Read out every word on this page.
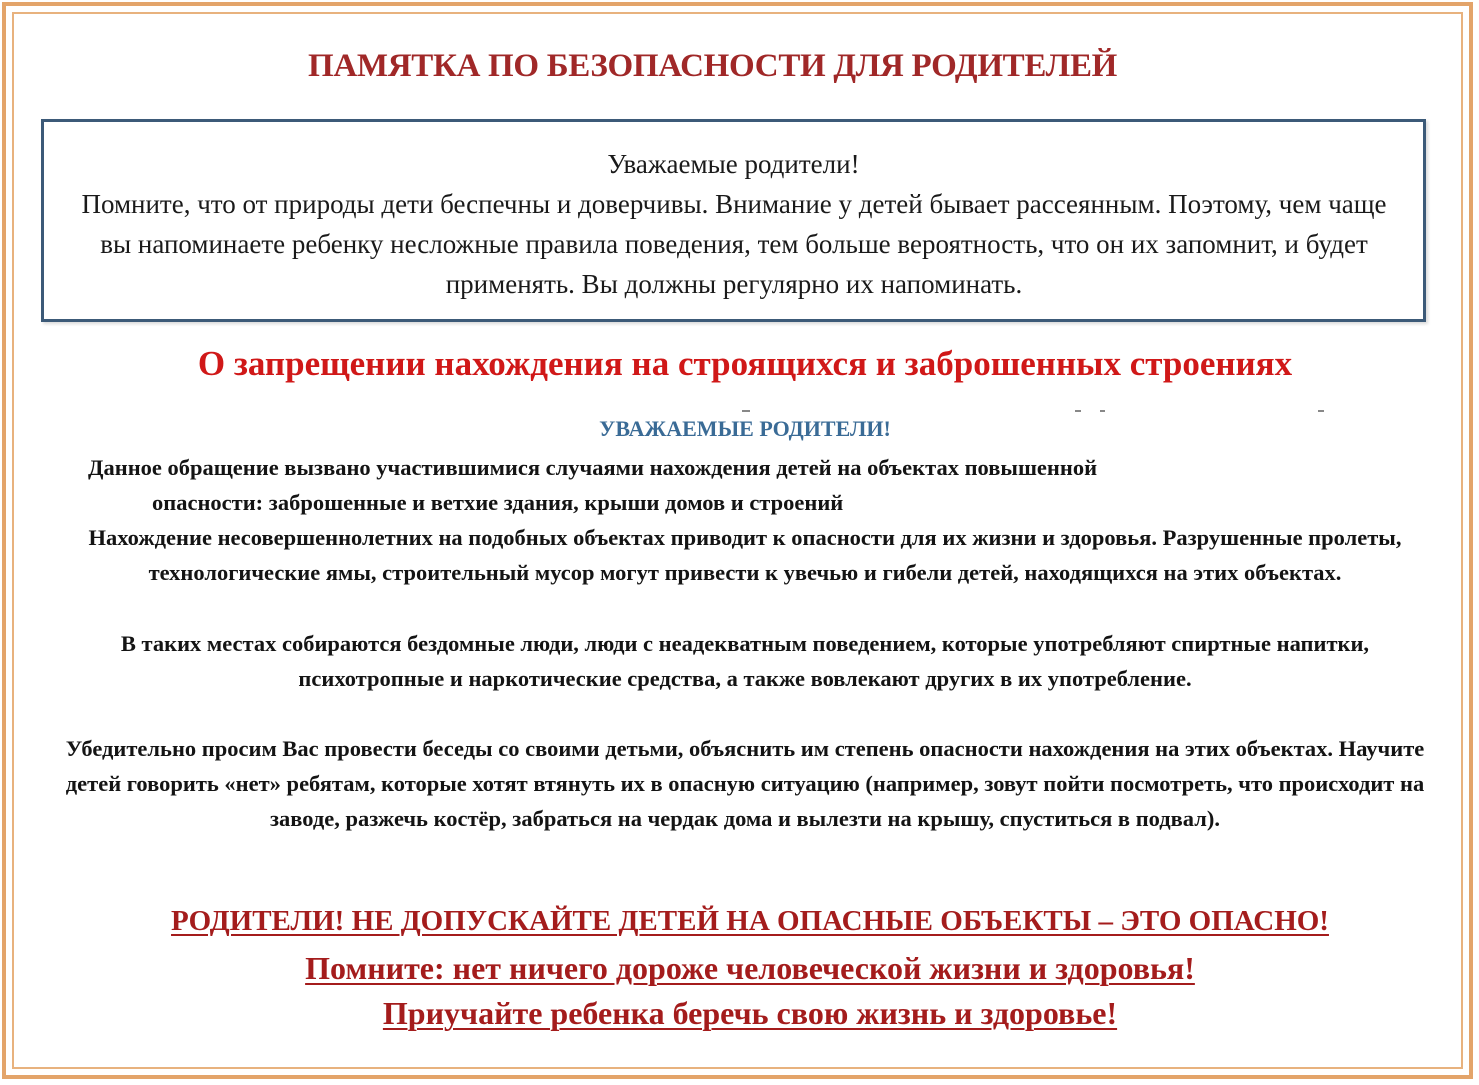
ПАМЯТКА ПО БЕЗОПАСНОСТИ ДЛЯ РОДИТЕЛЕЙ

Уважаемые родители!

Помните, что от природы дети беспечны и доверчивы. Внимание у детей бывает рассеянным. Поэтому, чем чаще вы напоминаете ребенку несложные правила поведения, тем больше вероятность, что он их запомнит, и будет применять. Вы должны регулярно их напоминать.

О запрещении нахождения на строящихся и заброшенных строениях

УВАЖАЕМЫЕ РОДИТЕЛИ!

Данное обращение вызвано участившимися случаями нахождения детей на объектах повышенной
опасности: заброшенные и ветхие здания, крыши домов и строений

Нахождение несовершеннолетних на подобных объектах приводит к опасности для их жизни и здоровья. Разрушенные пролеты, технологические ямы, строительный мусор могут привести к увечью и гибели детей, находящихся на этих объектах.

В таких местах собираются бездомные люди, люди с неадекватным поведением, которые употребляют спиртные напитки, психотропные и наркотические средства, а также вовлекают других в их употребление.

Убедительно просим Вас провести беседы со своими детьми, объяснить им степень опасности нахождения на этих объектах. Научите детей говорить «нет» ребятам, которые хотят втянуть их в опасную ситуацию (например, зовут пойти посмотреть, что происходит на заводе, разжечь костёр, забраться на чердак дома и вылезти на крышу, спуститься в подвал).

РОДИТЕЛИ! НЕ ДОПУСКАЙТЕ ДЕТЕЙ НА ОПАСНЫЕ ОБЪЕКТЫ – ЭТО ОПАСНО!

Помните: нет ничего дороже человеческой жизни и здоровья!

Приучайте ребенка беречь свою жизнь и здоровье!
